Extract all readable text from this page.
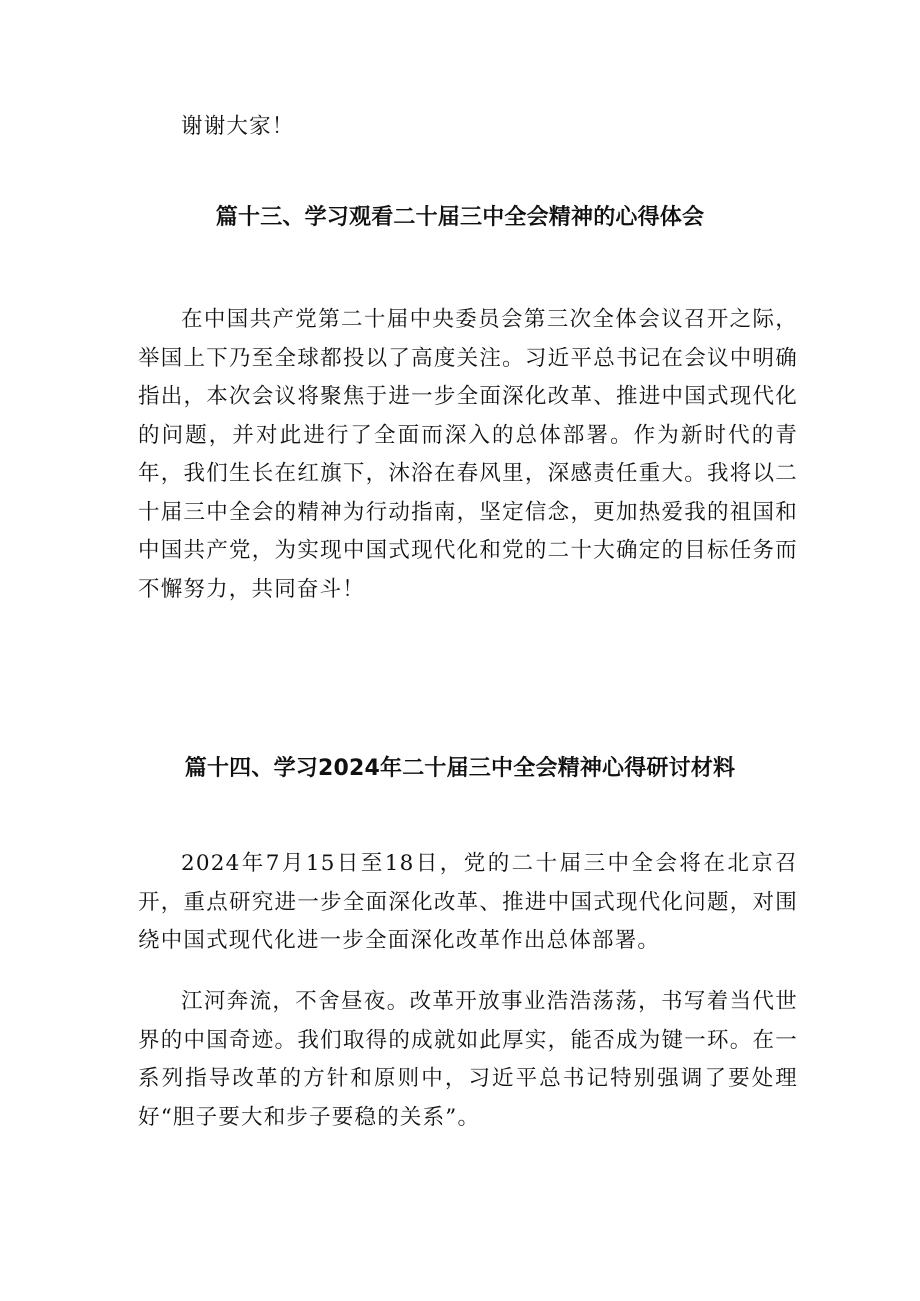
谢谢大家！

篇十三、学习观看二十届三中全会精神的心得体会

在中国共产党第二十届中央委员会第三次全体会议召开之际，举国上下乃至全球都投以了高度关注。习近平总书记在会议中明确指出，本次会议将聚焦于进一步全面深化改革、推进中国式现代化的问题，并对此进行了全面而深入的总体部署。作为新时代的青年，我们生长在红旗下，沐浴在春风里，深感责任重大。我将以二十届三中全会的精神为行动指南，坚定信念，更加热爱我的祖国和中国共产党，为实现中国式现代化和党的二十大确定的目标任务而不懈努力，共同奋斗！

篇十四、学习2024年二十届三中全会精神心得研讨材料

2024年7月15日至18日，党的二十届三中全会将在北京召开，重点研究进一步全面深化改革、推进中国式现代化问题，对围绕中国式现代化进一步全面深化改革作出总体部署。

江河奔流，不舍昼夜。改革开放事业浩浩荡荡，书写着当代世界的中国奇迹。我们取得的成就如此厚实，能否成为键一环。在一系列指导改革的方针和原则中，习近平总书记特别强调了要处理好“胆子要大和步子要稳的关系”。
